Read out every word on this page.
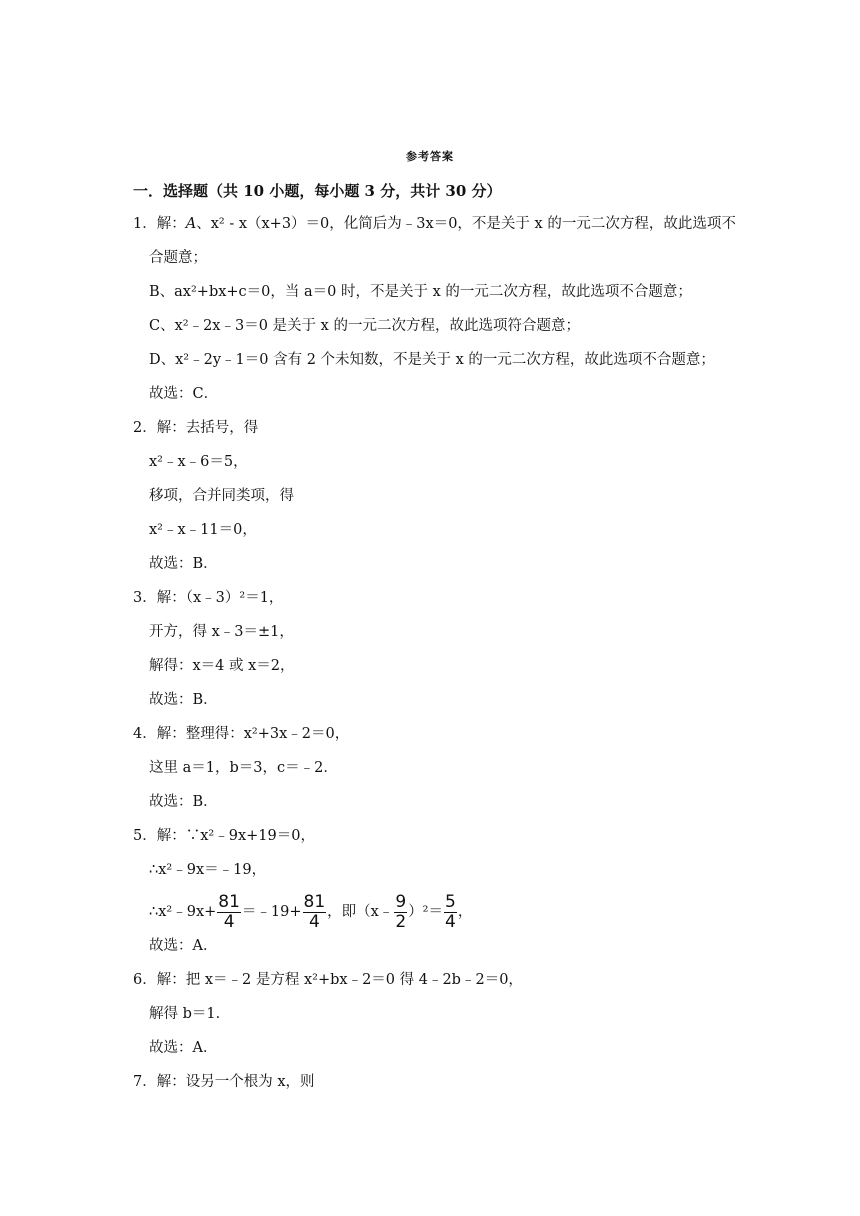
参考答案
一．选择题（共 10 小题，每小题 3 分，共计 30 分）
1．解：A、x² - x（x+3）＝0，化简后为﹣3x＝0，不是关于 x 的一元二次方程，故此选项不
合题意；
B、ax²+bx+c＝0，当 a＝0 时，不是关于 x 的一元二次方程，故此选项不合题意；
C、x²﹣2x﹣3＝0 是关于 x 的一元二次方程，故此选项符合题意；
D、x²﹣2y﹣1＝0 含有 2 个未知数，不是关于 x 的一元二次方程，故此选项不合题意；
故选：C．
2．解：去括号，得
x²﹣x﹣6＝5，
移项，合并同类项，得
x²﹣x﹣11＝0，
故选：B．
3．解：（x﹣3）²＝1，
开方，得 x﹣3＝±1，
解得：x＝4 或 x＝2，
故选：B．
4．解：整理得：x²+3x﹣2＝0，
这里 a＝1，b＝3，c＝﹣2．
故选：B．
5．解：∵x²﹣9x+19＝0，
∴x²﹣9x＝﹣19，
∴x²﹣9x+ $\frac{81}{4}$ ＝﹣19+ $\frac{81}{4}$ ，即（x﹣ $\frac{9}{2} )^2= \frac{5}{4}$ ，
故选：A．
6．解：把 x＝﹣2 是方程 x²+bx﹣2＝0 得 4﹣2b﹣2＝0，
解得 b＝1．
故选：A．
7．解：设另一个根为 x，则
